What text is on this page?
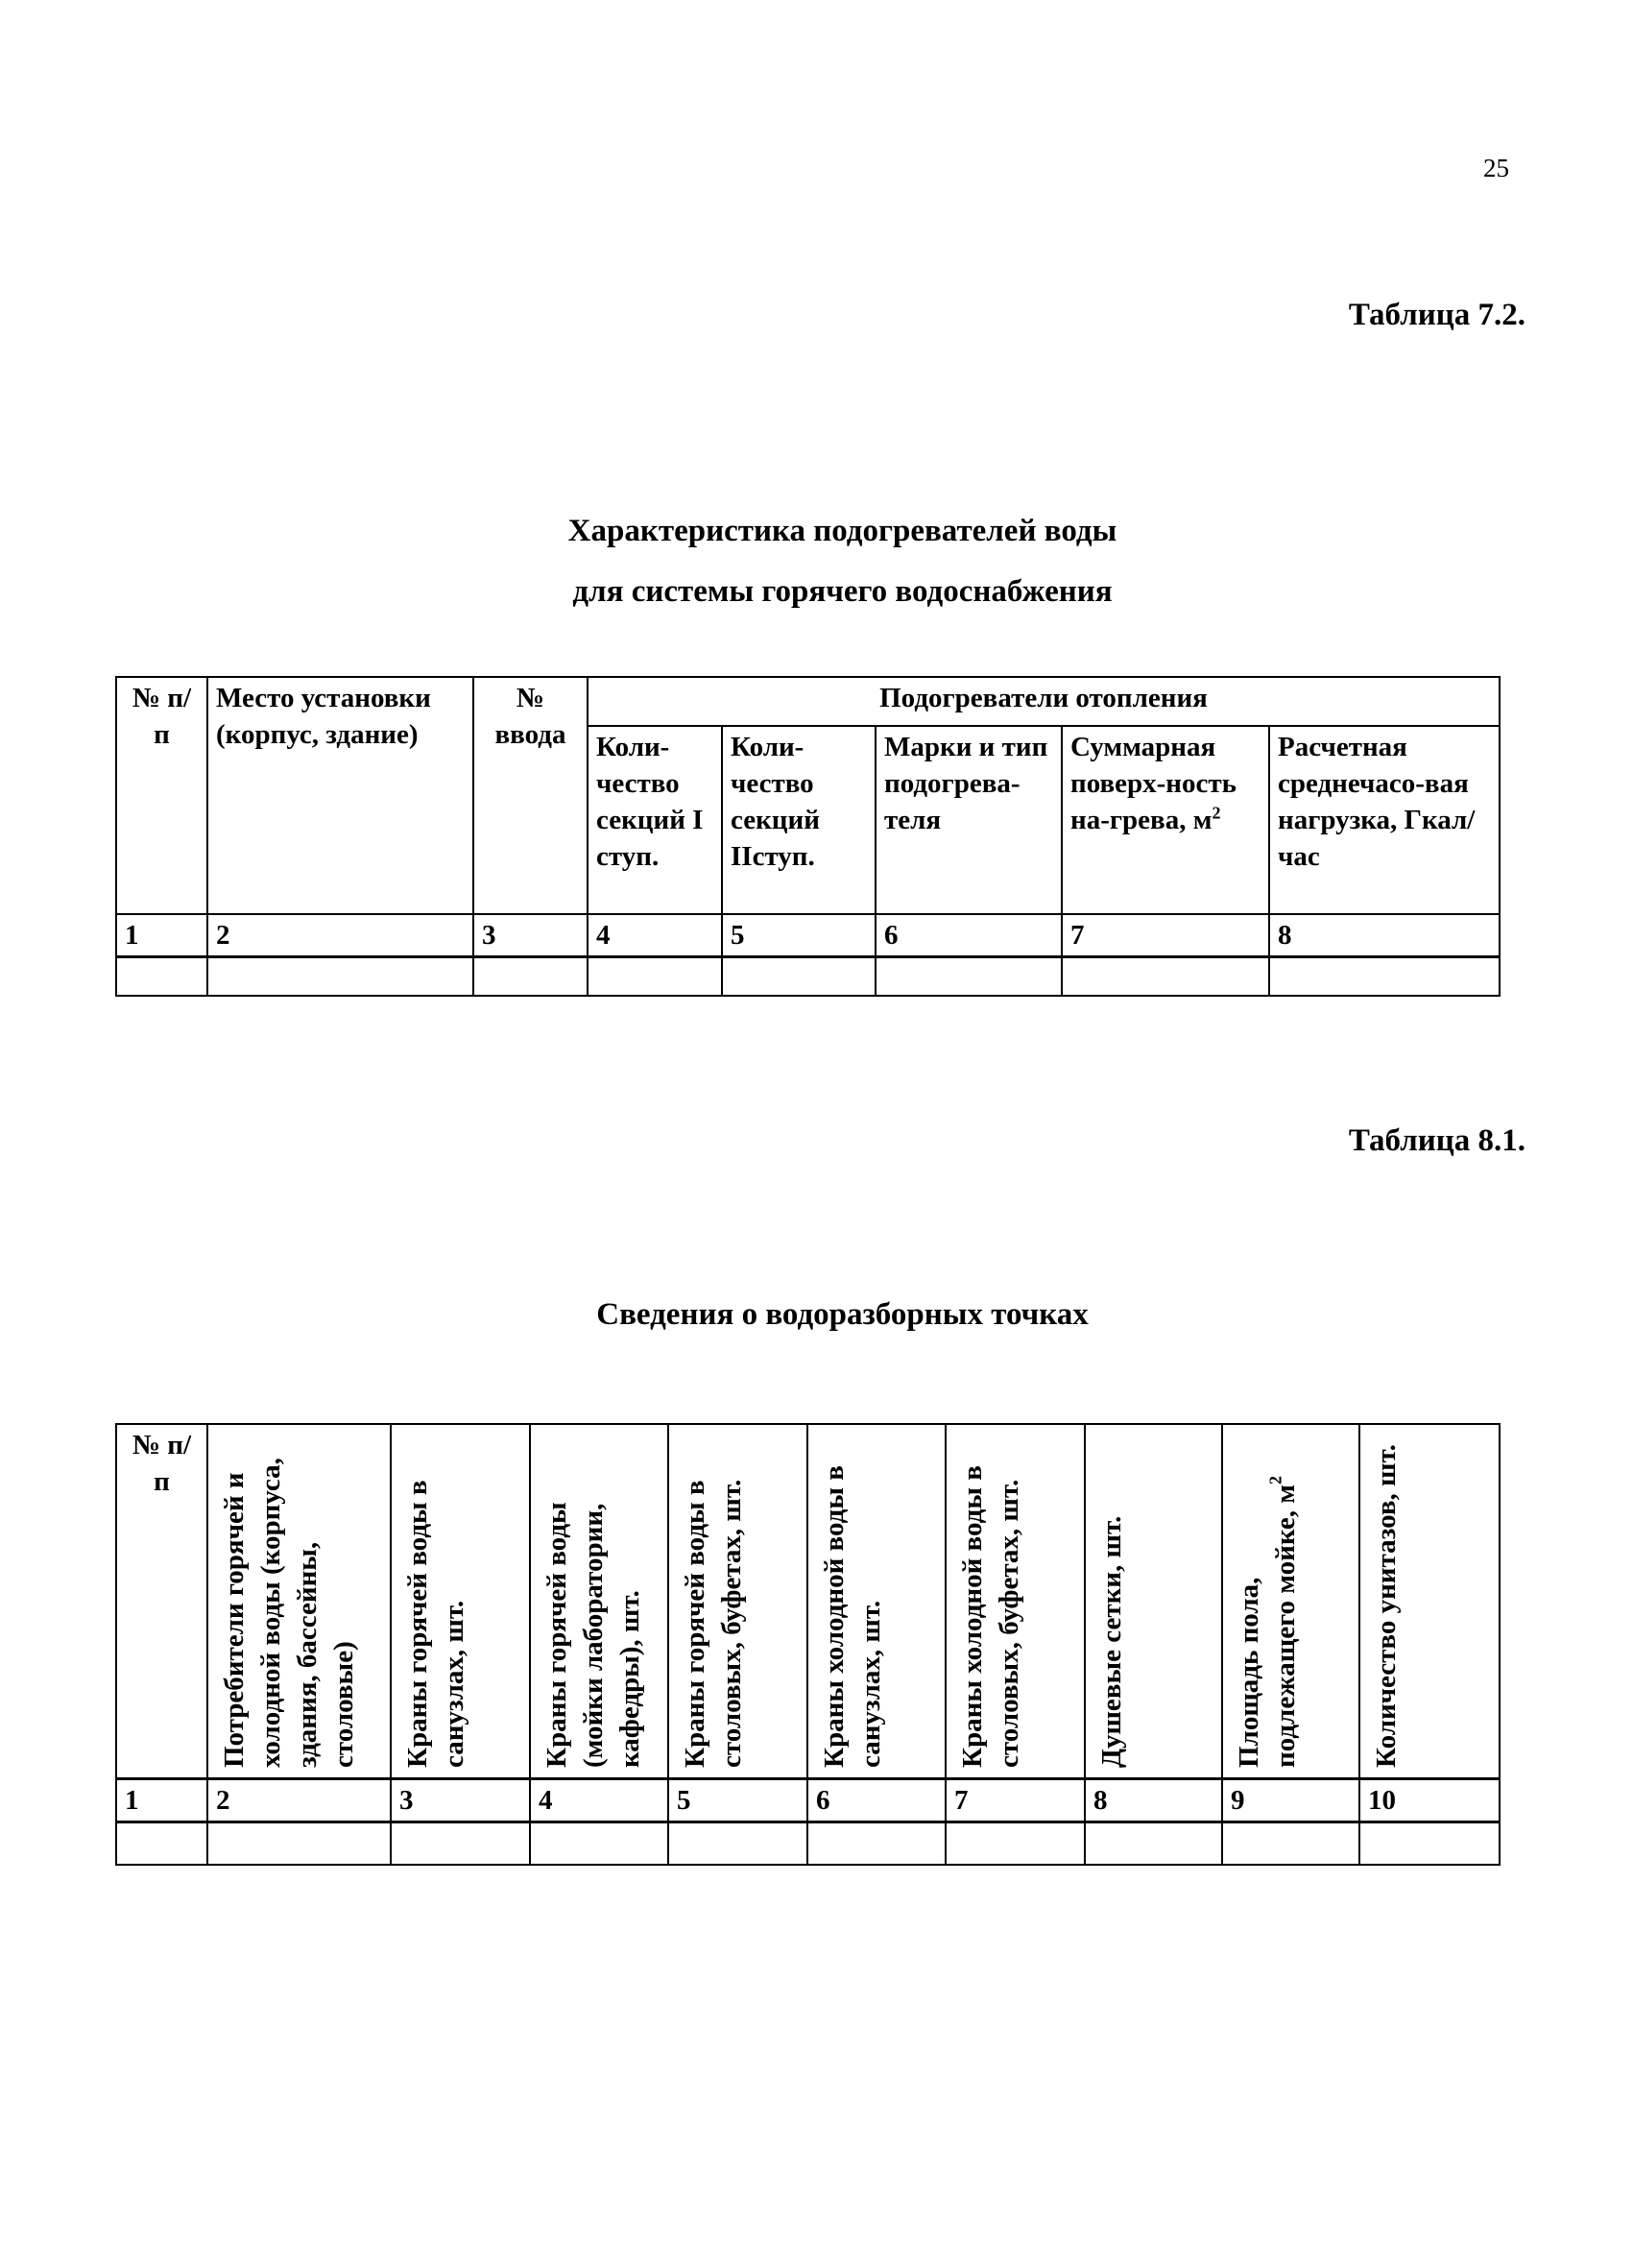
25
Таблица 7.2.
Характеристика подогревателей воды
для системы горячего водоснабжения
№ п/п	Место установки (корпус, здание)	№ ввода	Подогреватели отопления				
			Коли-чество секций I ступ.	Коли-чество секций IIступ.	Марки и тип подогрева-теля	Суммарная поверх-ность на-грева, $м^2$	Расчетная среднечасо-вая нагрузка, Гкал/час
1	2	3	4	5	6	7	8

Таблица 8.1.
Сведения о водоразборных точках
№ п/п	Потребители горячей и холодной воды (корпуса, здания, бассейны, столовые)	Краны горячей воды в санузлах, шт.	Краны горячей воды (мойки лаборатории, кафедры), шт.	Краны горячей воды в столовых, буфетах, шт.	Краны холодной воды в санузлах, шт.	Краны холодной воды в столовых, буфетах, шт.	Душевые сетки, шт.	Площадь пола, подлежащего мойке, $м^2$	Количество унитазов, шт.

1	2	3	4	5	6	7	8	9	10
